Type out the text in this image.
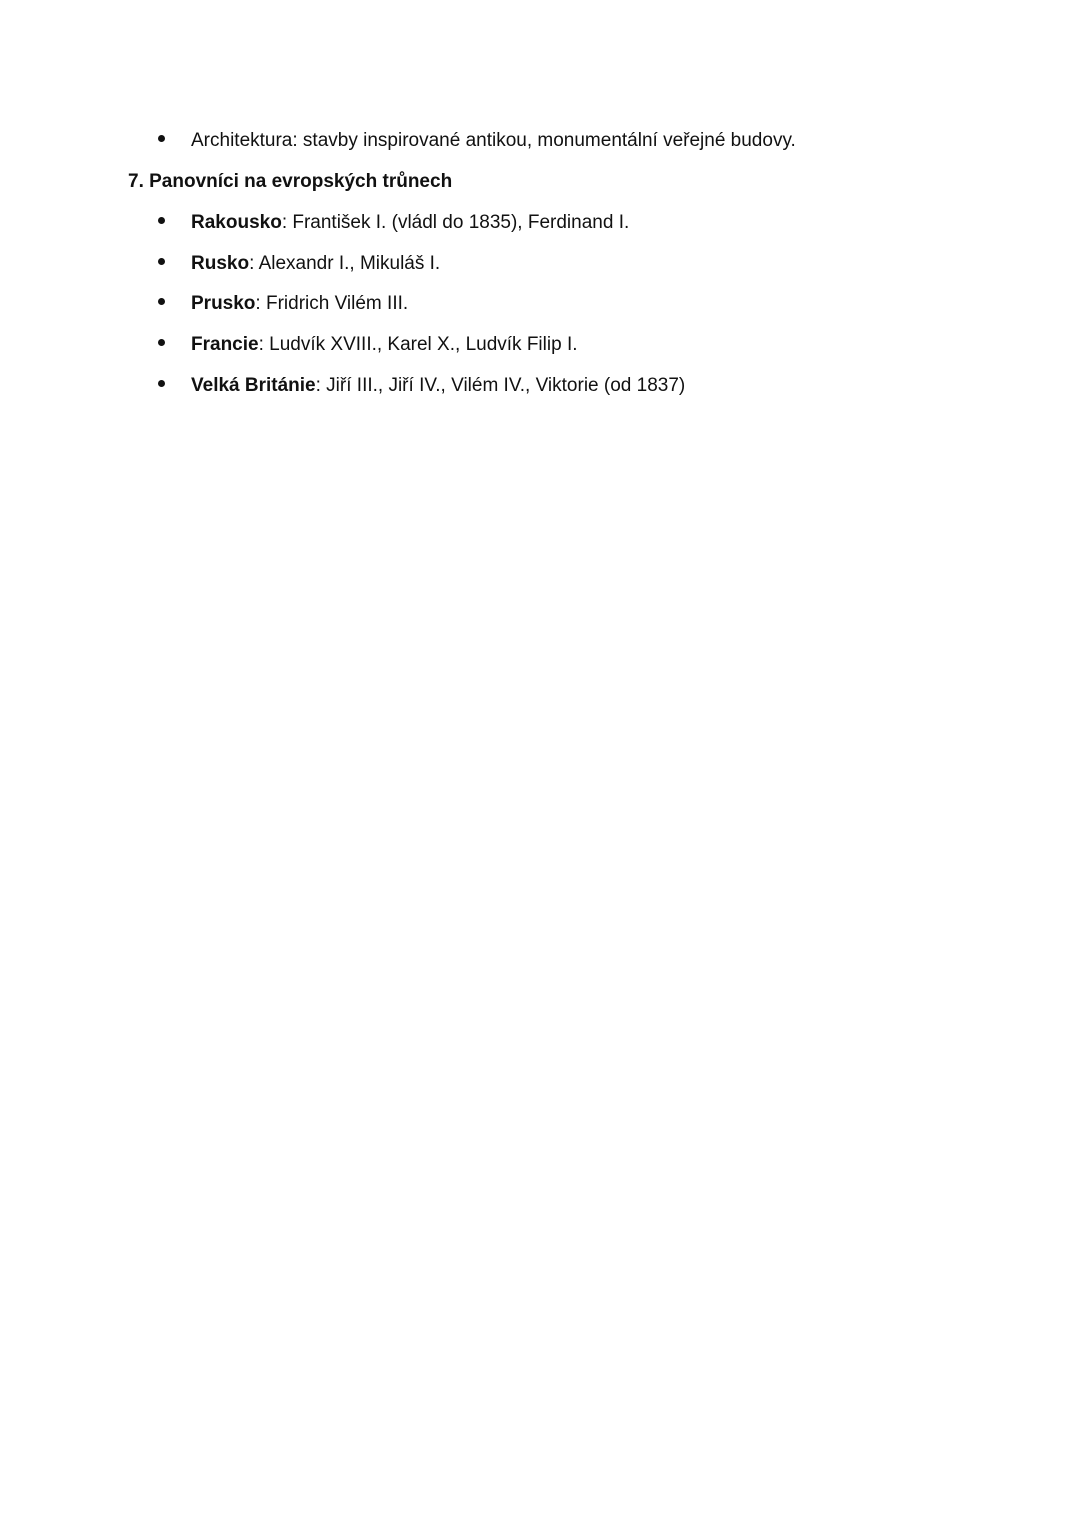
Architektura: stavby inspirované antikou, monumentální veřejné budovy.
7. Panovníci na evropských trůnech
Rakousko: František I. (vládl do 1835), Ferdinand I.
Rusko: Alexandr I., Mikuláš I.
Prusko: Fridrich Vilém III.
Francie: Ludvík XVIII., Karel X., Ludvík Filip I.
Velká Británie: Jiří III., Jiří IV., Vilém IV., Viktorie (od 1837)
